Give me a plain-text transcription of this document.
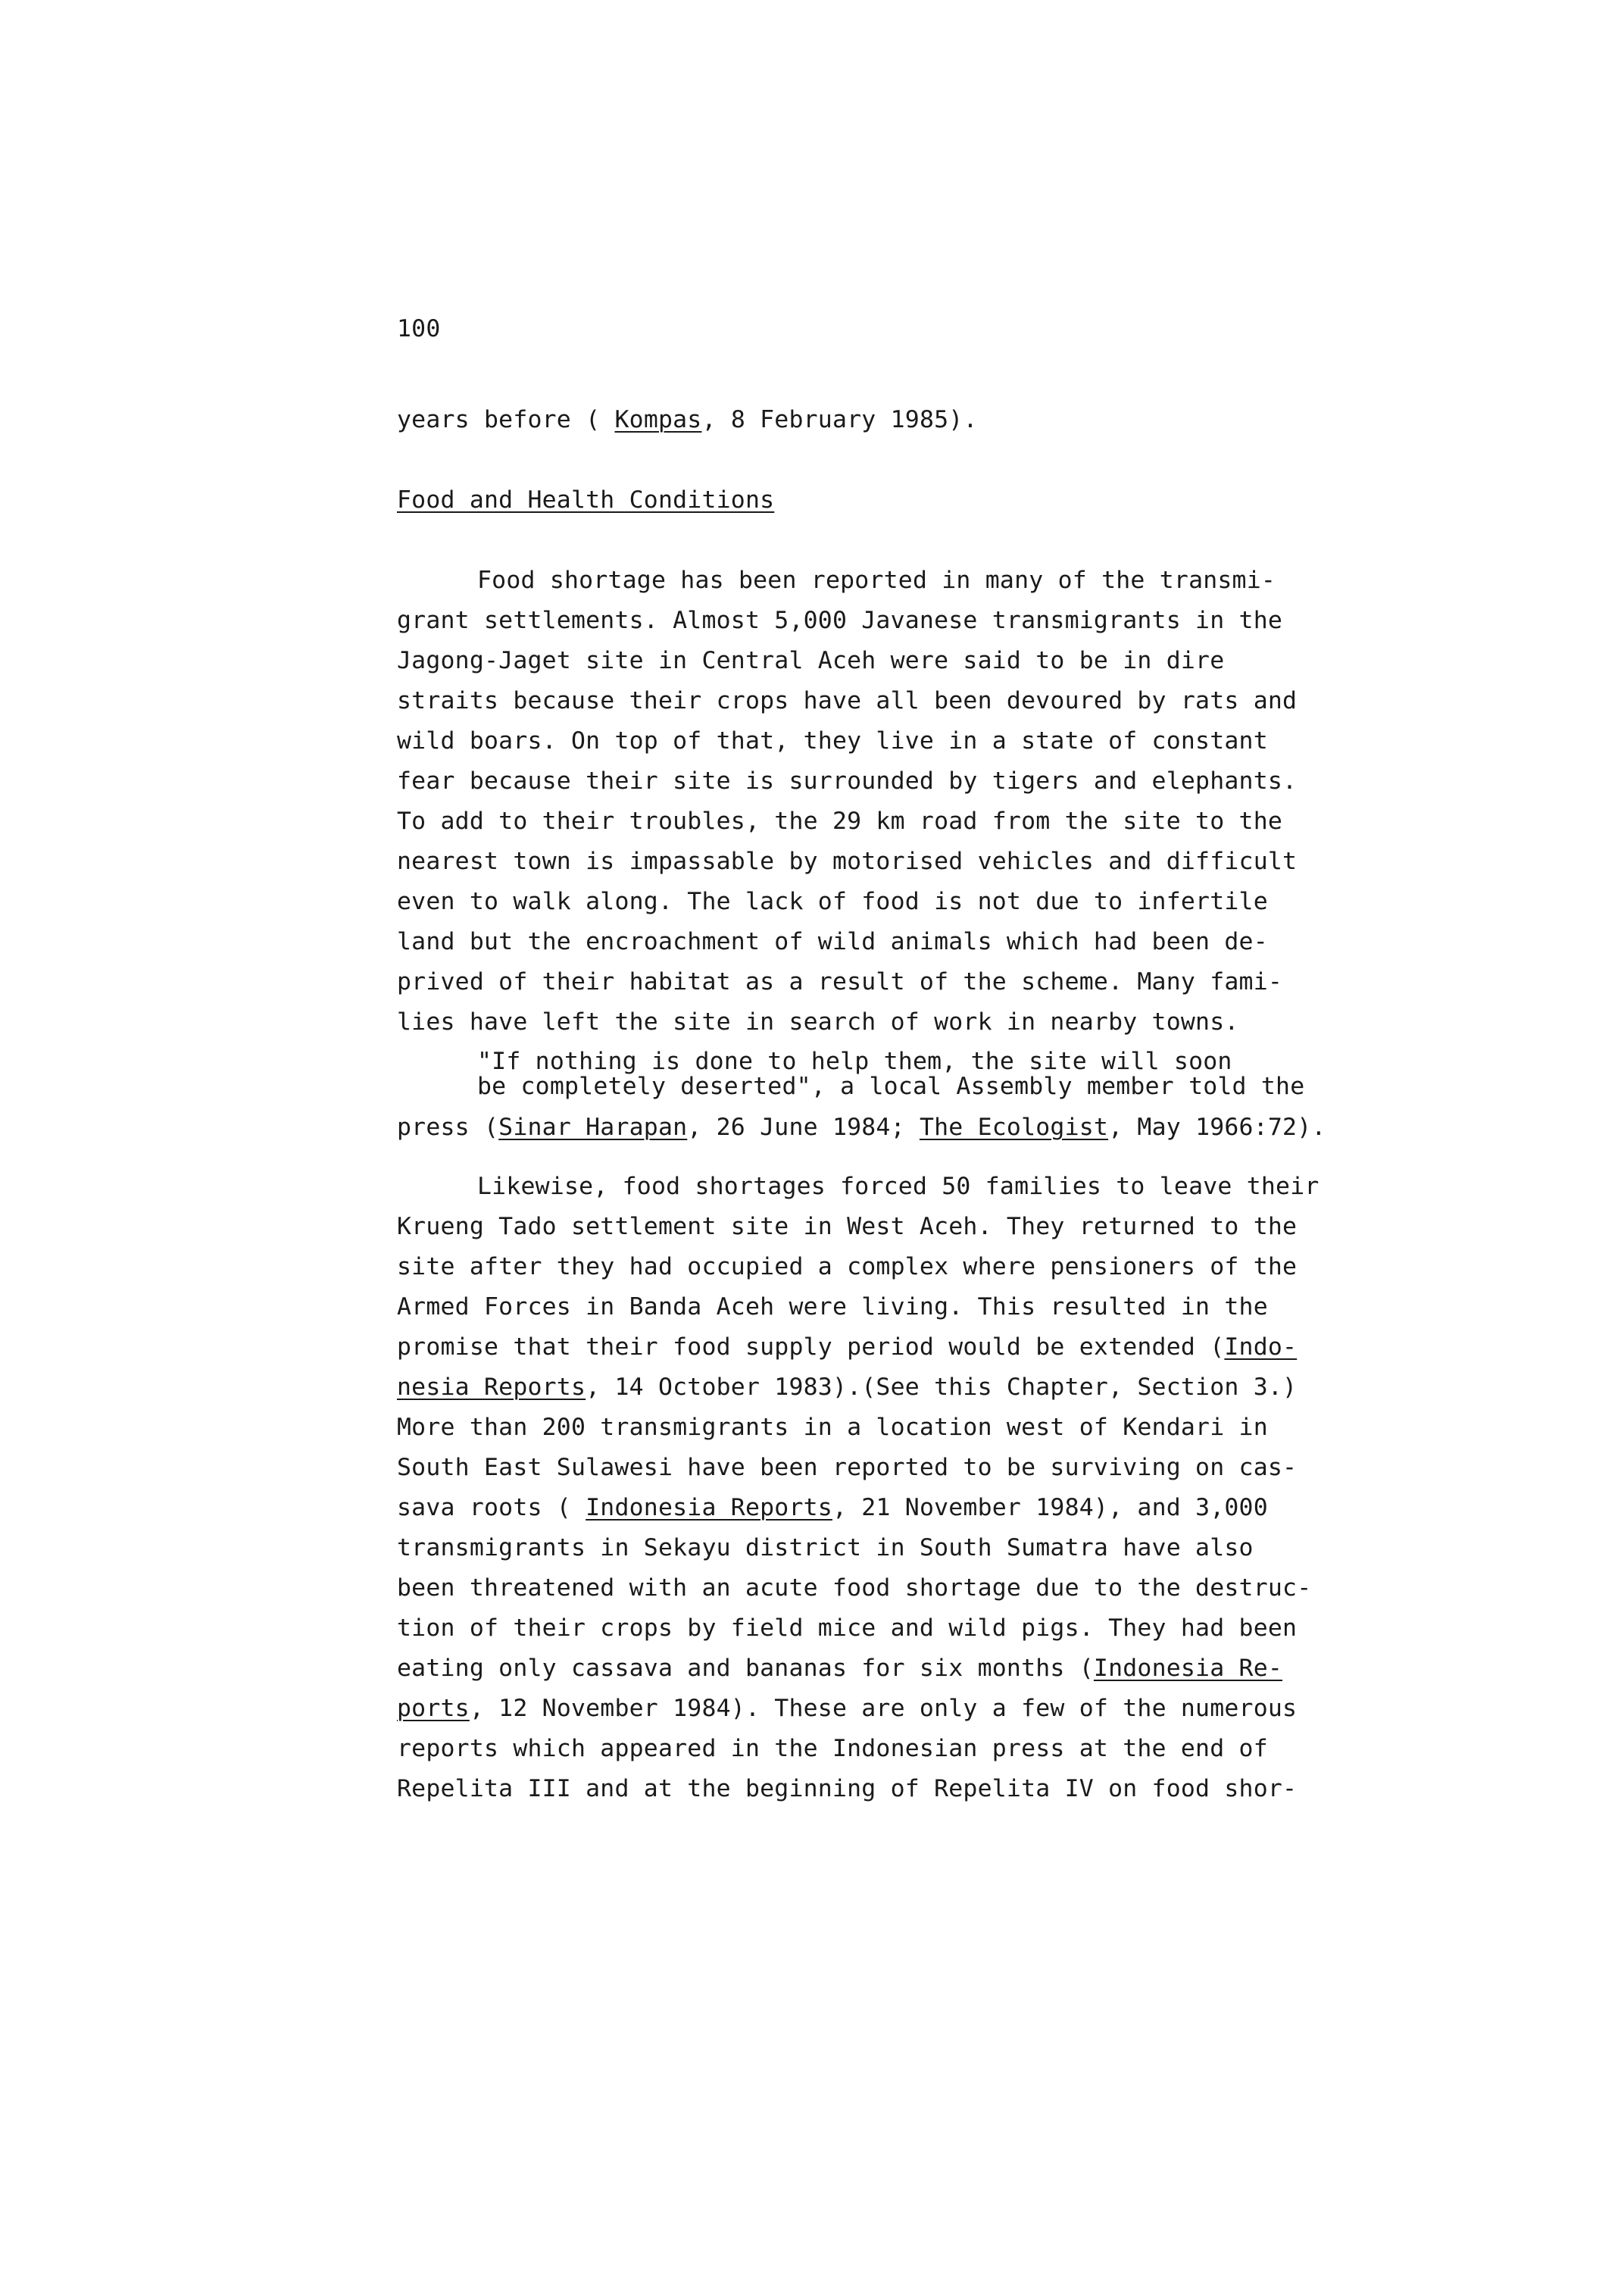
100
years before ( Kompas, 8 February 1985).
Food and Health Conditions
Food shortage has been reported in many of the transmi-
grant settlements. Almost 5,000 Javanese transmigrants in the
Jagong-Jaget site in Central Aceh were said to be in dire
straits because their crops have all been devoured by rats and
wild boars. On top of that, they live in a state of constant
fear because their site is surrounded by tigers and elephants.
To add to their troubles, the 29 km road from the site to the
nearest town is impassable by motorised vehicles and difficult
even to walk along. The lack of food is not due to infertile
land but the encroachment of wild animals which had been de-
prived of their habitat as a result of the scheme. Many fami-
lies have left the site in search of work in nearby towns.
"If nothing is done to help them, the site will soon
be completely deserted", a local Assembly member told the
press (Sinar Harapan, 26 June 1984; The Ecologist, May 1966:72).
Likewise, food shortages forced 50 families to leave their
Krueng Tado settlement site in West Aceh. They returned to the
site after they had occupied a complex where pensioners of the
Armed Forces in Banda Aceh were living. This resulted in the
promise that their food supply period would be extended (Indo-
nesia Reports, 14 October 1983).(See this Chapter, Section 3.)
More than 200 transmigrants in a location west of Kendari in
South East Sulawesi have been reported to be surviving on cas-
sava roots ( Indonesia Reports, 21 November 1984), and 3,000
transmigrants in Sekayu district in South Sumatra have also
been threatened with an acute food shortage due to the destruc-
tion of their crops by field mice and wild pigs. They had been
eating only cassava and bananas for six months (Indonesia Re-
ports, 12 November 1984). These are only a few of the numerous
reports which appeared in the Indonesian press at the end of
Repelita III and at the beginning of Repelita IV on food shor-
